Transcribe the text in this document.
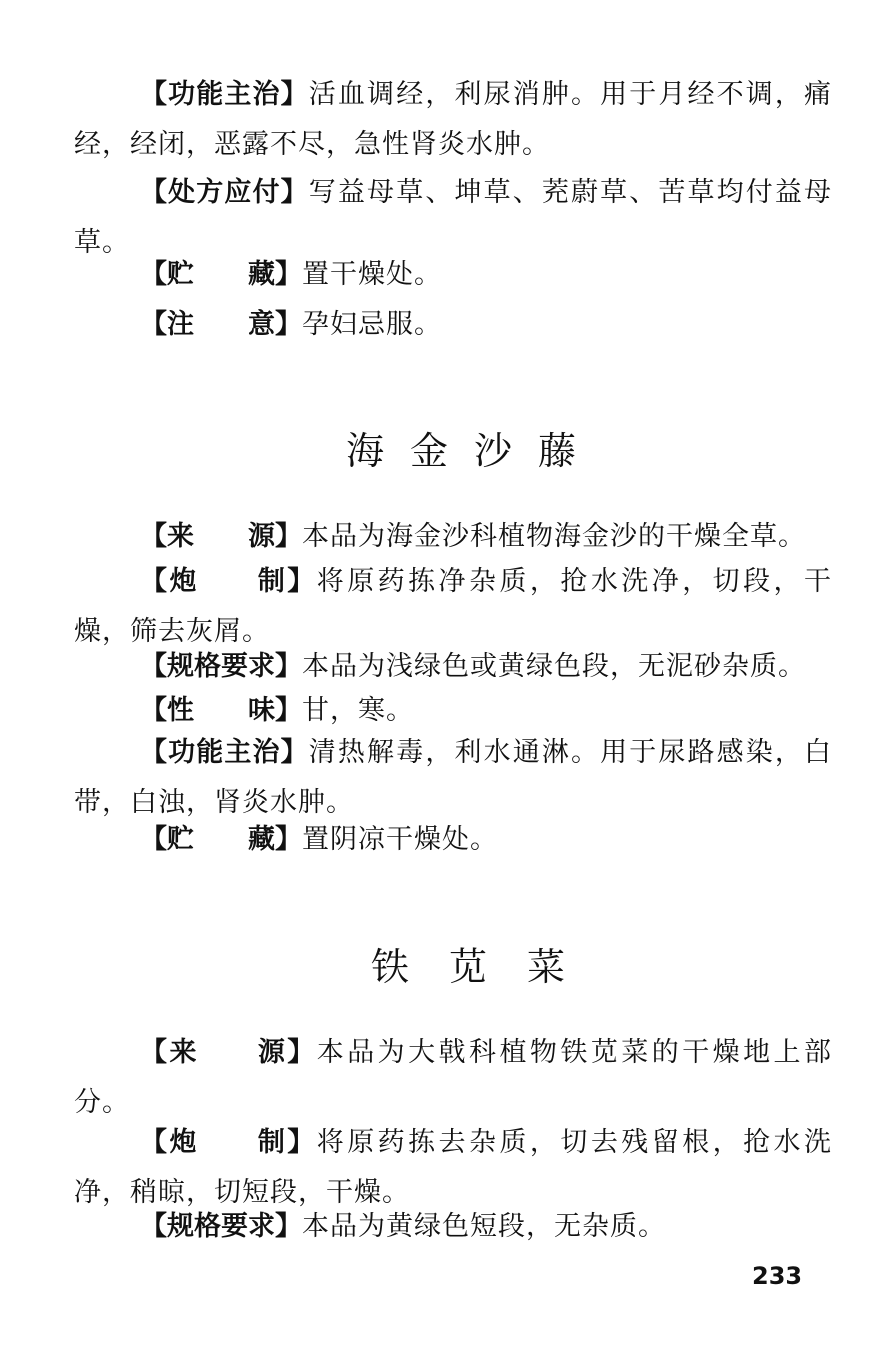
【功能主治】活血调经，利尿消肿。用于月经不调，痛经，经闭，恶露不尽，急性肾炎水肿。

【处方应付】写益母草、坤草、茺蔚草、苦草均付益母草。

【贮　　藏】置干燥处。

【注　　意】孕妇忌服。

海金沙藤

【来　　源】本品为海金沙科植物海金沙的干燥全草。

【炮　　制】将原药拣净杂质，抢水洗净，切段，干燥，筛去灰屑。

【规格要求】本品为浅绿色或黄绿色段，无泥砂杂质。

【性　　味】甘，寒。

【功能主治】清热解毒，利水通淋。用于尿路感染，白带，白浊，肾炎水肿。

【贮　　藏】置阴凉干燥处。

铁苋菜

【来　　源】本品为大戟科植物铁苋菜的干燥地上部分。

【炮　　制】将原药拣去杂质，切去残留根，抢水洗净，稍晾，切短段，干燥。

【规格要求】本品为黄绿色短段，无杂质。

233
